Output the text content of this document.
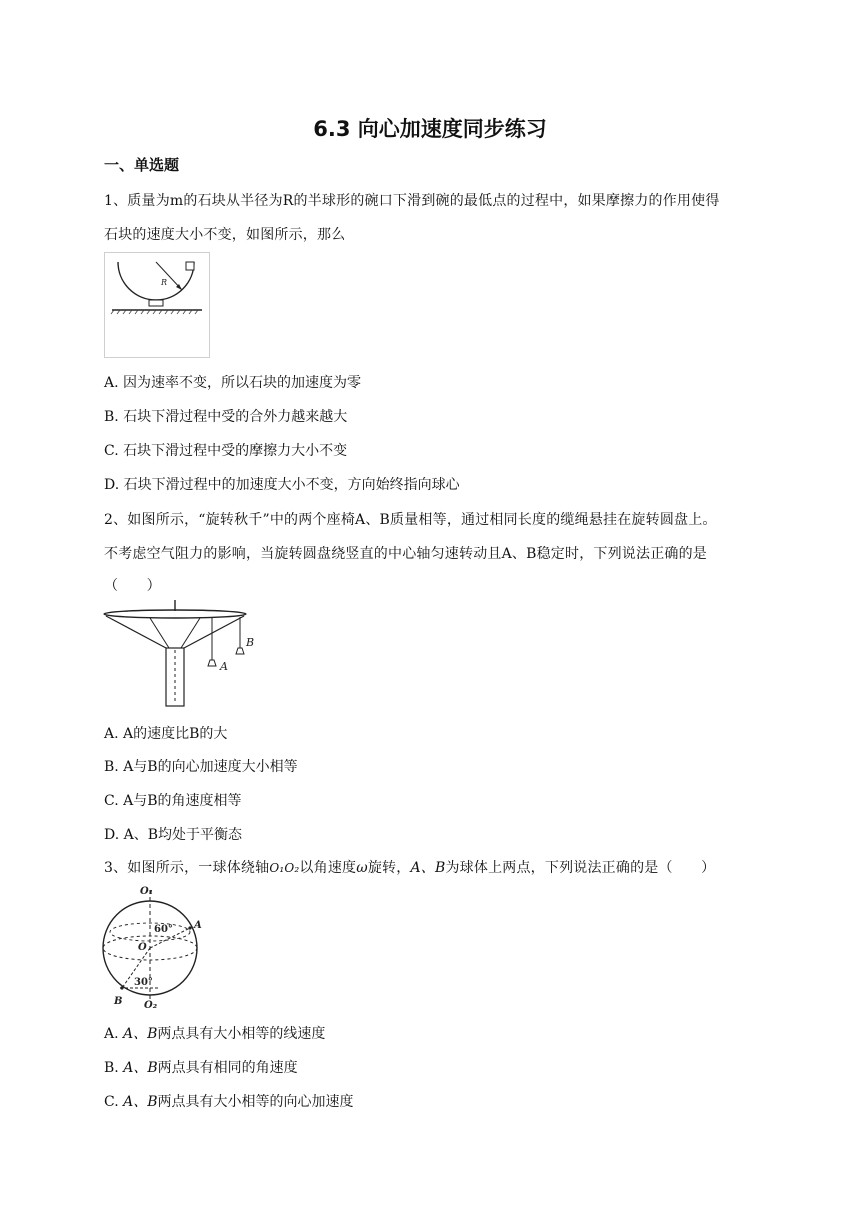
6.3 向心加速度同步练习
一、单选题
1、质量为m的石块从半径为R的半球形的碗口下滑到碗的最低点的过程中，如果摩擦力的作用使得
石块的速度大小不变，如图所示，那么
R
A. 因为速率不变，所以石块的加速度为零
B. 石块下滑过程中受的合外力越来越大
C. 石块下滑过程中受的摩擦力大小不变
D. 石块下滑过程中的加速度大小不变，方向始终指向球心
2、如图所示，“旋转秋千”中的两个座椅A、B质量相等，通过相同长度的缆绳悬挂在旋转圆盘上。
不考虑空气阻力的影响，当旋转圆盘绕竖直的中心轴匀速转动且A、B稳定时，下列说法正确的是
（　　）
A
B
A. A的速度比B的大
B. A与B的向心加速度大小相等
C. A与B的角速度相等
D. A、B均处于平衡态
3、如图所示，一球体绕轴O₁O₂以角速度ω旋转，A、B为球体上两点，下列说法正确的是（　　）
O₁
60° A
O
30°
B O₂
A. A、B两点具有大小相等的线速度
B. A、B两点具有相同的角速度
C. A、B两点具有大小相等的向心加速度
